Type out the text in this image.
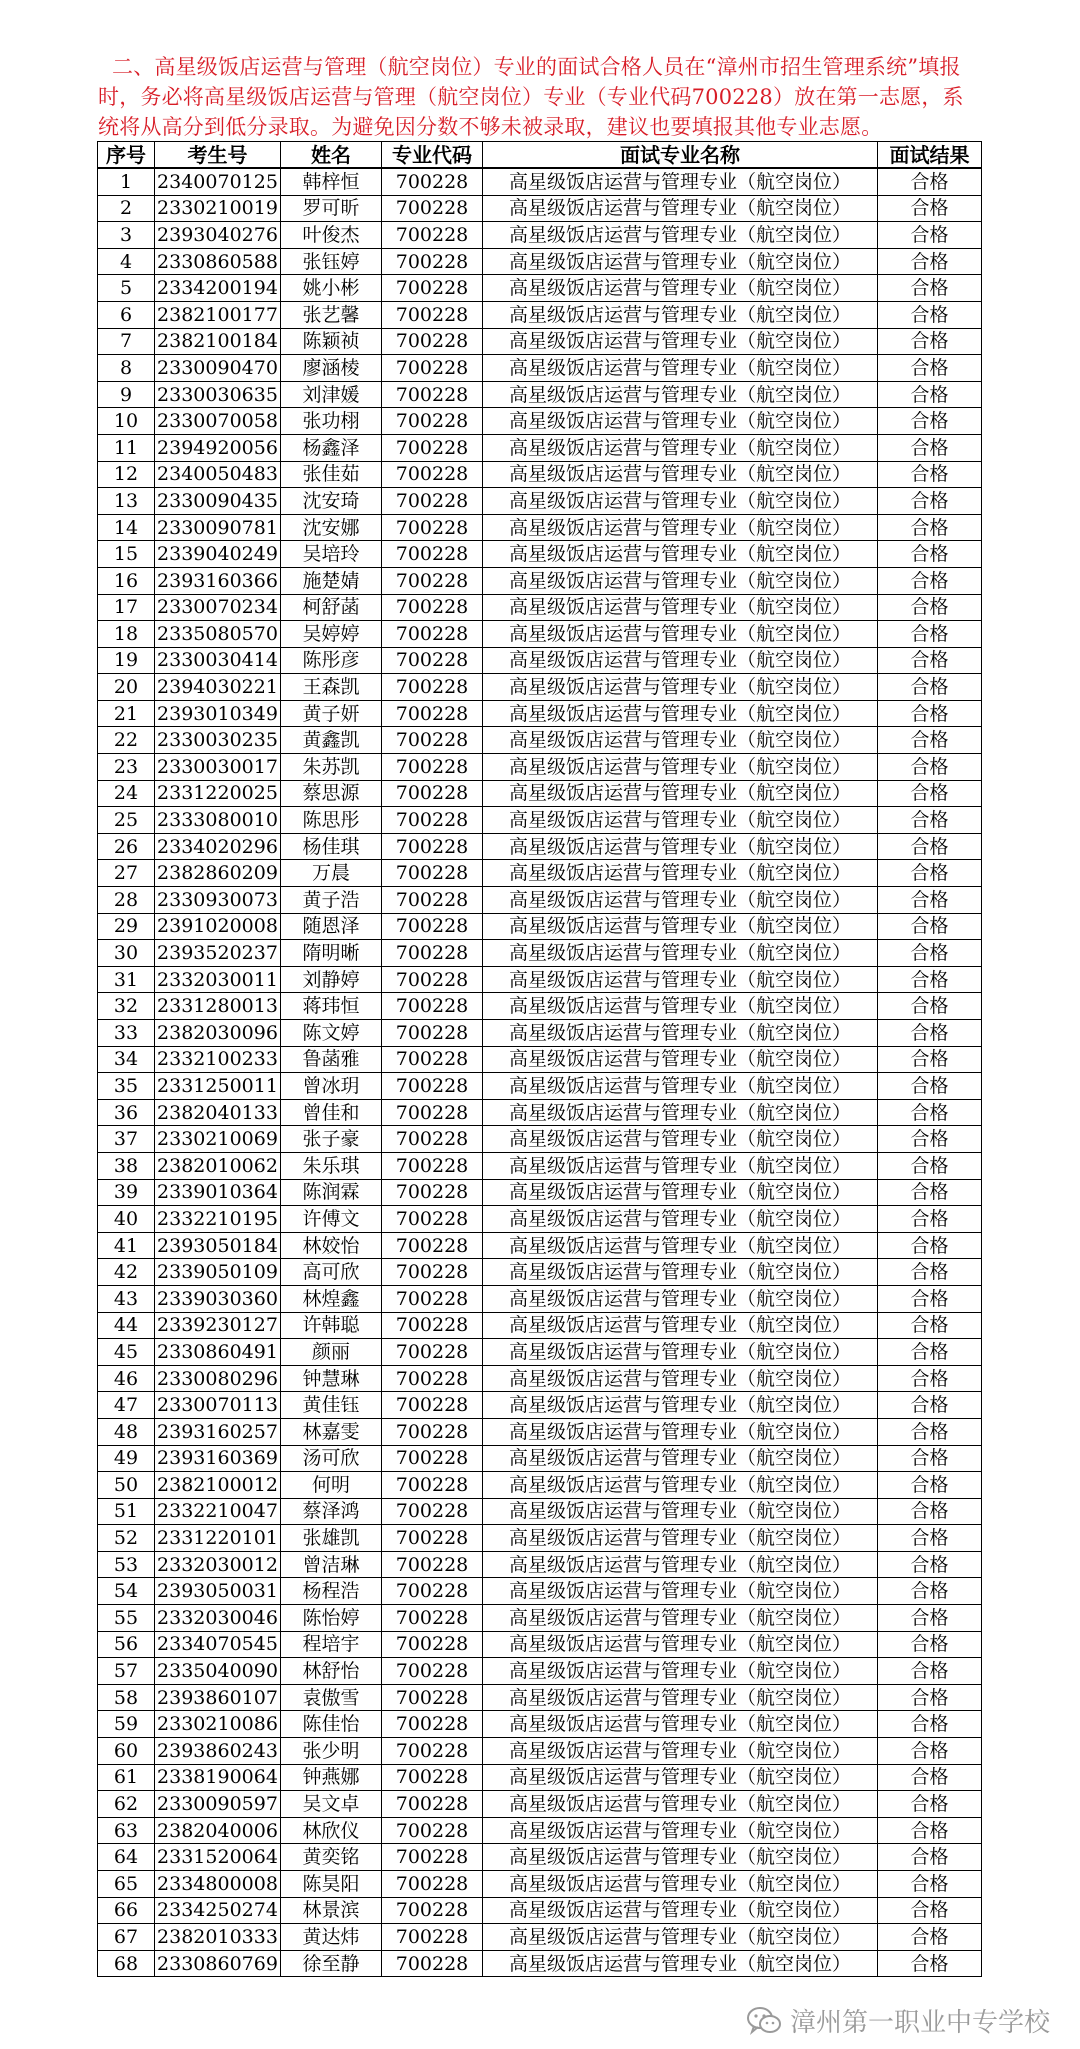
二、高星级饭店运营与管理（航空岗位）专业的面试合格人员在“漳州市招生管理系统”填报时，务必将高星级饭店运营与管理（航空岗位）专业（专业代码700228）放在第一志愿，系统将从高分到低分录取。为避免因分数不够未被录取，建议也要填报其他专业志愿。

序号	考生号	姓名	专业代码	面试专业名称	面试结果
1	2340070125	韩梓恒	700228	高星级饭店运营与管理专业（航空岗位）	合格
2	2330210019	罗可昕	700228	高星级饭店运营与管理专业（航空岗位）	合格
3	2393040276	叶俊杰	700228	高星级饭店运营与管理专业（航空岗位）	合格
4	2330860588	张钰婷	700228	高星级饭店运营与管理专业（航空岗位）	合格
5	2334200194	姚小彬	700228	高星级饭店运营与管理专业（航空岗位）	合格
6	2382100177	张艺馨	700228	高星级饭店运营与管理专业（航空岗位）	合格
7	2382100184	陈颖祯	700228	高星级饭店运营与管理专业（航空岗位）	合格
8	2330090470	廖涵棱	700228	高星级饭店运营与管理专业（航空岗位）	合格
9	2330030635	刘津媛	700228	高星级饭店运营与管理专业（航空岗位）	合格
10	2330070058	张功栩	700228	高星级饭店运营与管理专业（航空岗位）	合格
11	2394920056	杨鑫泽	700228	高星级饭店运营与管理专业（航空岗位）	合格
12	2340050483	张佳茹	700228	高星级饭店运营与管理专业（航空岗位）	合格
13	2330090435	沈安琦	700228	高星级饭店运营与管理专业（航空岗位）	合格
14	2330090781	沈安娜	700228	高星级饭店运营与管理专业（航空岗位）	合格
15	2339040249	吴培玲	700228	高星级饭店运营与管理专业（航空岗位）	合格
16	2393160366	施楚婧	700228	高星级饭店运营与管理专业（航空岗位）	合格
17	2330070234	柯舒菡	700228	高星级饭店运营与管理专业（航空岗位）	合格
18	2335080570	吴婷婷	700228	高星级饭店运营与管理专业（航空岗位）	合格
19	2330030414	陈彤彦	700228	高星级饭店运营与管理专业（航空岗位）	合格
20	2394030221	王森凯	700228	高星级饭店运营与管理专业（航空岗位）	合格
21	2393010349	黄子妍	700228	高星级饭店运营与管理专业（航空岗位）	合格
22	2330030235	黄鑫凯	700228	高星级饭店运营与管理专业（航空岗位）	合格
23	2330030017	朱苏凯	700228	高星级饭店运营与管理专业（航空岗位）	合格
24	2331220025	蔡思源	700228	高星级饭店运营与管理专业（航空岗位）	合格
25	2333080010	陈思彤	700228	高星级饭店运营与管理专业（航空岗位）	合格
26	2334020296	杨佳琪	700228	高星级饭店运营与管理专业（航空岗位）	合格
27	2382860209	万晨	700228	高星级饭店运营与管理专业（航空岗位）	合格
28	2330930073	黄子浩	700228	高星级饭店运营与管理专业（航空岗位）	合格
29	2391020008	随恩泽	700228	高星级饭店运营与管理专业（航空岗位）	合格
30	2393520237	隋明晰	700228	高星级饭店运营与管理专业（航空岗位）	合格
31	2332030011	刘静婷	700228	高星级饭店运营与管理专业（航空岗位）	合格
32	2331280013	蒋玮恒	700228	高星级饭店运营与管理专业（航空岗位）	合格
33	2382030096	陈文婷	700228	高星级饭店运营与管理专业（航空岗位）	合格
34	2332100233	鲁菡雅	700228	高星级饭店运营与管理专业（航空岗位）	合格
35	2331250011	曾冰玥	700228	高星级饭店运营与管理专业（航空岗位）	合格
36	2382040133	曾佳和	700228	高星级饭店运营与管理专业（航空岗位）	合格
37	2330210069	张子豪	700228	高星级饭店运营与管理专业（航空岗位）	合格
38	2382010062	朱乐琪	700228	高星级饭店运营与管理专业（航空岗位）	合格
39	2339010364	陈润霖	700228	高星级饭店运营与管理专业（航空岗位）	合格
40	2332210195	许傅文	700228	高星级饭店运营与管理专业（航空岗位）	合格
41	2393050184	林姣怡	700228	高星级饭店运营与管理专业（航空岗位）	合格
42	2339050109	高可欣	700228	高星级饭店运营与管理专业（航空岗位）	合格
43	2339030360	林煌鑫	700228	高星级饭店运营与管理专业（航空岗位）	合格
44	2339230127	许韩聪	700228	高星级饭店运营与管理专业（航空岗位）	合格
45	2330860491	颜丽	700228	高星级饭店运营与管理专业（航空岗位）	合格
46	2330080296	钟慧琳	700228	高星级饭店运营与管理专业（航空岗位）	合格
47	2330070113	黄佳钰	700228	高星级饭店运营与管理专业（航空岗位）	合格
48	2393160257	林嘉雯	700228	高星级饭店运营与管理专业（航空岗位）	合格
49	2393160369	汤可欣	700228	高星级饭店运营与管理专业（航空岗位）	合格
50	2382100012	何明	700228	高星级饭店运营与管理专业（航空岗位）	合格
51	2332210047	蔡泽鸿	700228	高星级饭店运营与管理专业（航空岗位）	合格
52	2331220101	张雄凯	700228	高星级饭店运营与管理专业（航空岗位）	合格
53	2332030012	曾洁琳	700228	高星级饭店运营与管理专业（航空岗位）	合格
54	2393050031	杨程浩	700228	高星级饭店运营与管理专业（航空岗位）	合格
55	2332030046	陈怡婷	700228	高星级饭店运营与管理专业（航空岗位）	合格
56	2334070545	程培宇	700228	高星级饭店运营与管理专业（航空岗位）	合格
57	2335040090	林舒怡	700228	高星级饭店运营与管理专业（航空岗位）	合格
58	2393860107	袁傲雪	700228	高星级饭店运营与管理专业（航空岗位）	合格
59	2330210086	陈佳怡	700228	高星级饭店运营与管理专业（航空岗位）	合格
60	2393860243	张少明	700228	高星级饭店运营与管理专业（航空岗位）	合格
61	2338190064	钟燕娜	700228	高星级饭店运营与管理专业（航空岗位）	合格
62	2330090597	吴文卓	700228	高星级饭店运营与管理专业（航空岗位）	合格
63	2382040006	林欣仪	700228	高星级饭店运营与管理专业（航空岗位）	合格
64	2331520064	黄奕铭	700228	高星级饭店运营与管理专业（航空岗位）	合格
65	2334800008	陈昊阳	700228	高星级饭店运营与管理专业（航空岗位）	合格
66	2334250274	林景滨	700228	高星级饭店运营与管理专业（航空岗位）	合格
67	2382010333	黄达炜	700228	高星级饭店运营与管理专业（航空岗位）	合格
68	2330860769	徐至静	700228	高星级饭店运营与管理专业（航空岗位）	合格
漳州第一职业中专学校
